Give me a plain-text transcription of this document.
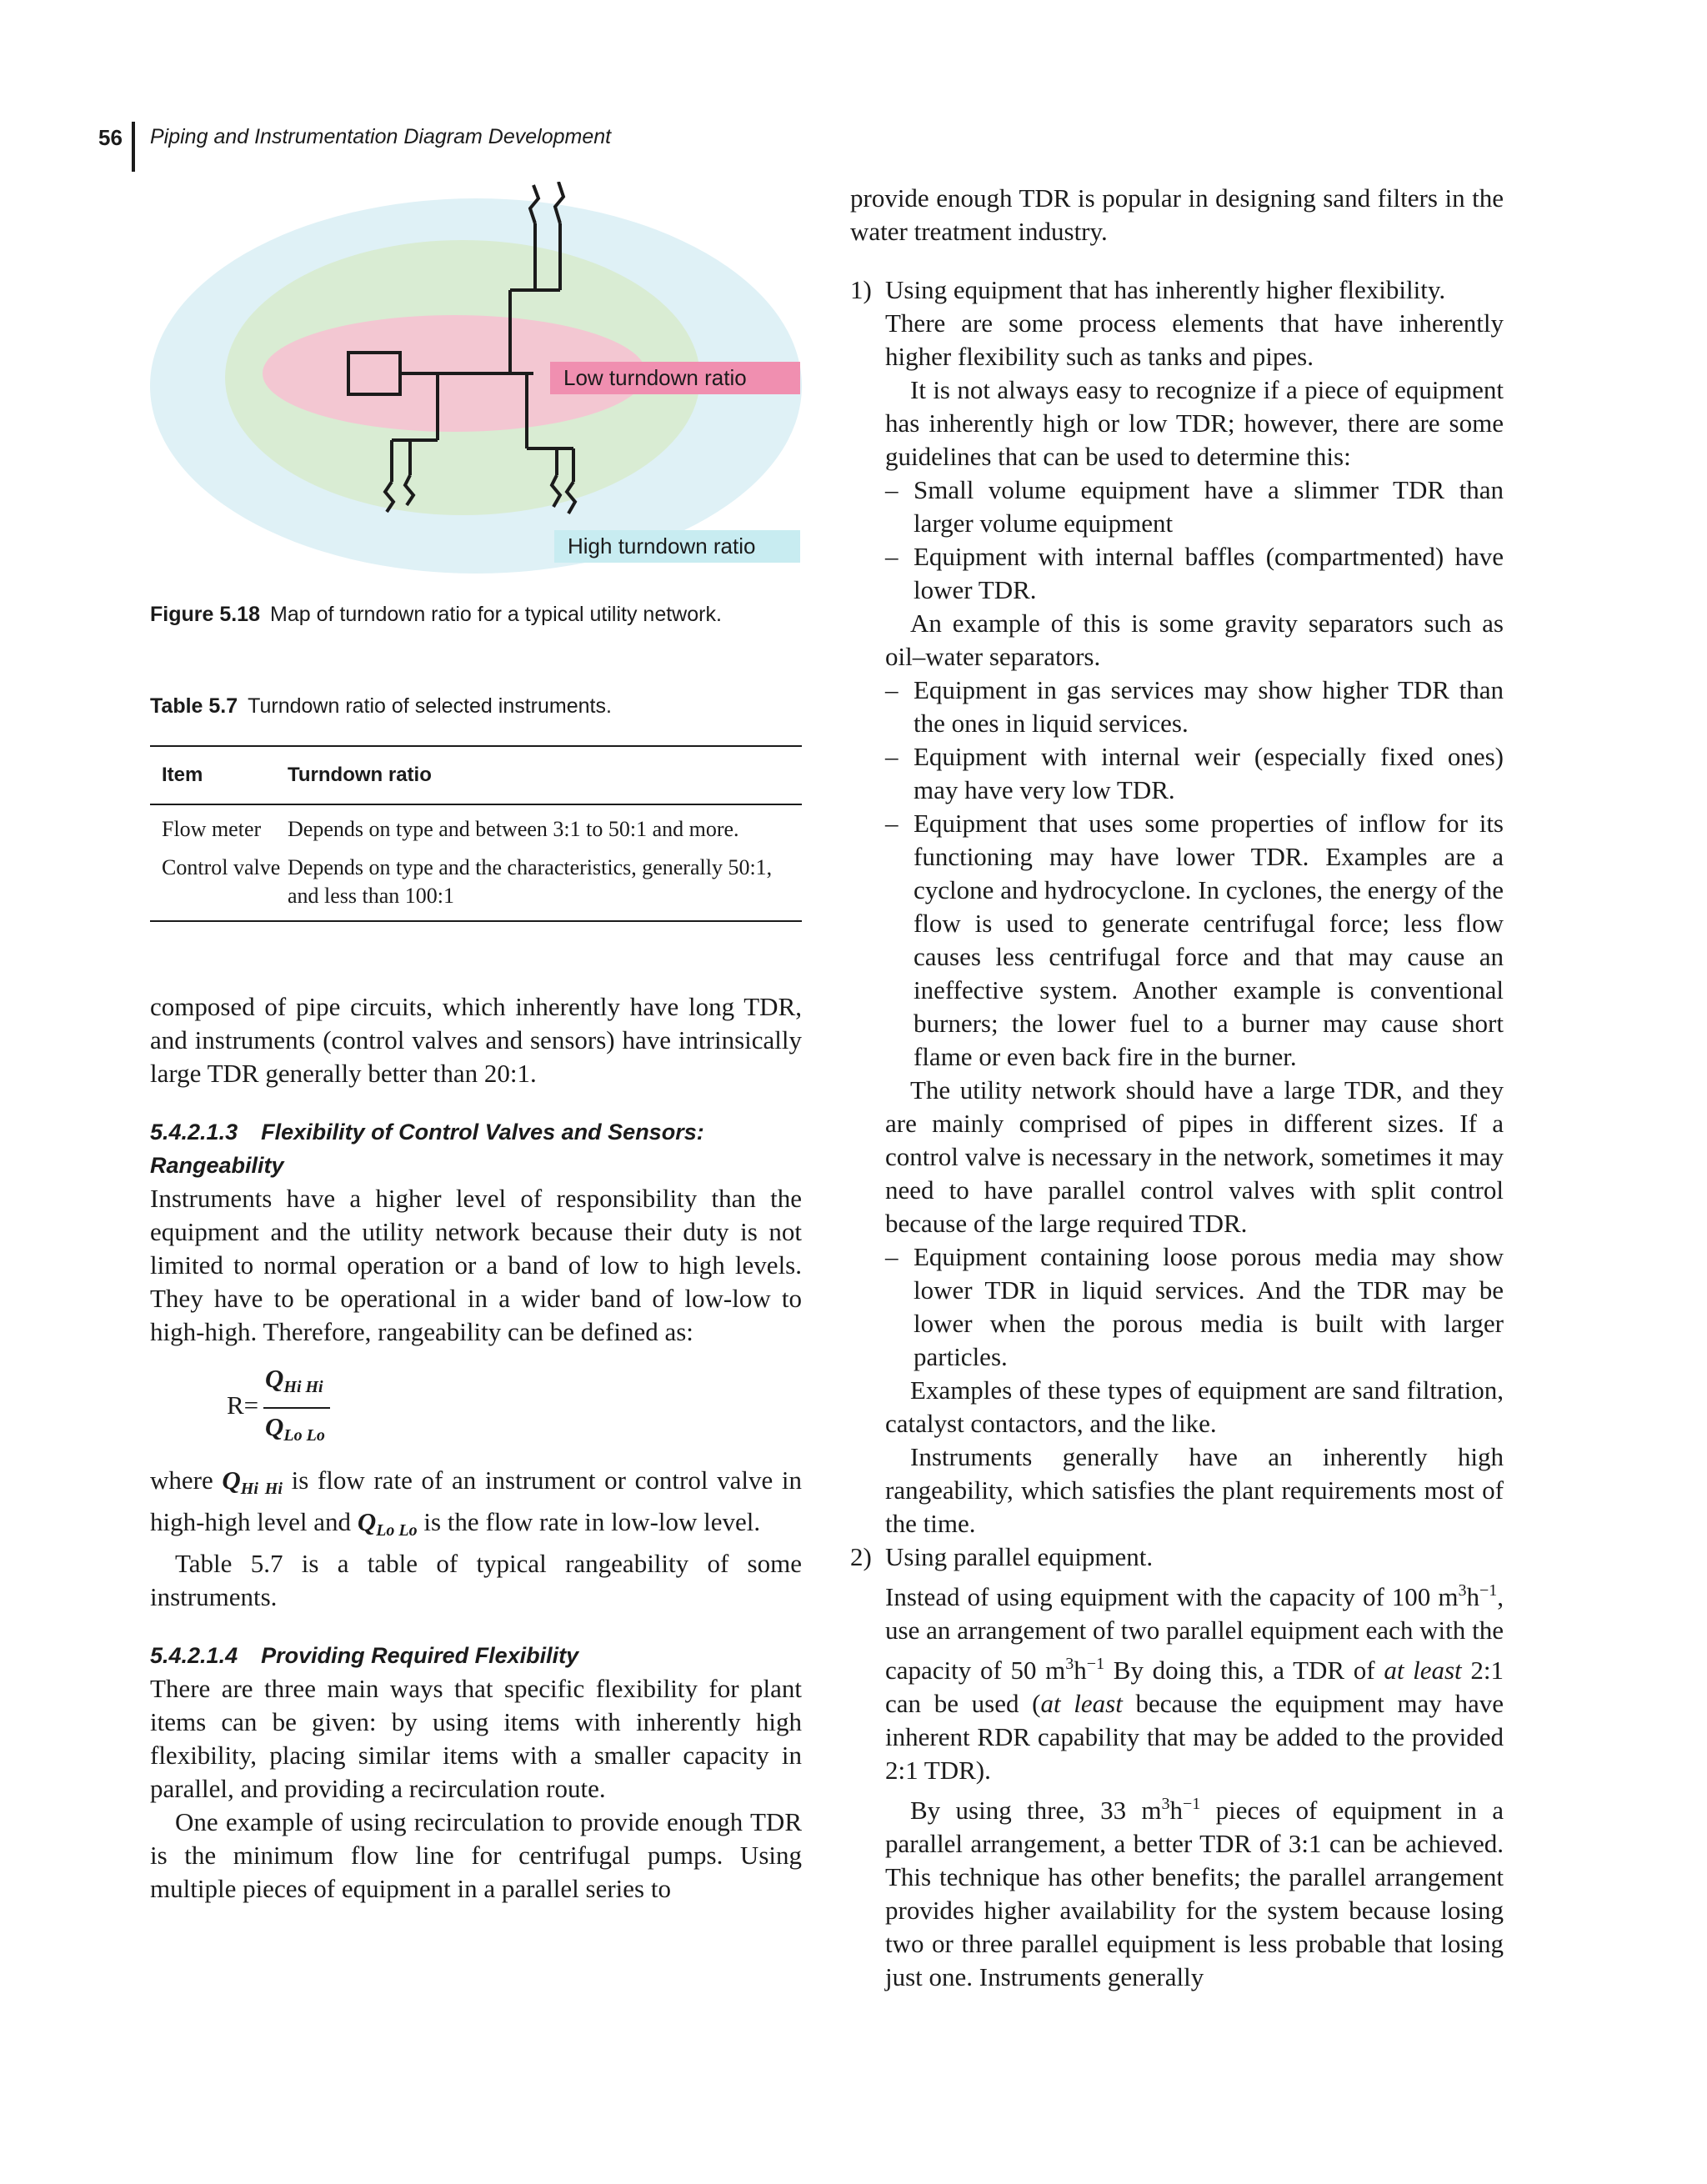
56 Piping and Instrumentation Diagram Development
Low turndown ratio
High turndown ratio
Figure 5.18 Map of turndown ratio for a typical utility network.
Table 5.7 Turndown ratio of selected instruments.
Item	Turndown ratio
Flow meter	Depends on type and between 3:1 to 50:1 and more.
Control valve Depends on type and the characteristics, generally 50:1, and less than 100:1

composed of pipe circuits, which inherently have long TDR, and instruments (control valves and sensors) have intrinsically large TDR generally better than 20:1.

5.4.2.1.3 Flexibility of Control Valves and Sensors: Rangeability

Instruments have a higher level of responsibility than the equipment and the utility network because their duty is not limited to normal operation or a band of low to high levels. They have to be operational in a wider band of low-low to high-high. Therefore, rangeability can be defined as:

R=
$Q_{Hi Hi}$
$Q_{Lo Lo}$

where $Q_{Hi Hi}$ is flow rate of an instrument or control valve in high-high level and $Q_{Lo Lo}$ is the flow rate in low-low level.

Table 5.7 is a table of typical rangeability of some instruments.

5.4.2.1.4 Providing Required Flexibility

There are three main ways that specific flexibility for plant items can be given: by using items with inherently high flexibility, placing similar items with a smaller capacity in parallel, and providing a recirculation route.

One example of using recirculation to provide enough TDR is the minimum flow line for centrifugal pumps. Using multiple pieces of equipment in a parallel series to

provide enough TDR is popular in designing sand filters in the water treatment industry.

1) Using equipment that has inherently higher flexibility.

There are some process elements that have inherently higher flexibility such as tanks and pipes.

It is not always easy to recognize if a piece of equipment has inherently high or low TDR; however, there are some guidelines that can be used to determine this:

– Small volume equipment have a slimmer TDR than larger volume equipment
– Equipment with internal baffles (compartmented) have lower TDR.

An example of this is some gravity separators such as oil–water separators.

– Equipment in gas services may show higher TDR than the ones in liquid services.
– Equipment with internal weir (especially fixed ones) may have very low TDR.
– Equipment that uses some properties of inflow for its functioning may have lower TDR. Examples are a cyclone and hydrocyclone. In cyclones, the energy of the flow is used to generate centrifugal force; less flow causes less centrifugal force and that may cause an ineffective system. Another example is conventional burners; the lower fuel to a burner may cause short flame or even back fire in the burner.

The utility network should have a large TDR, and they are mainly comprised of pipes in different sizes. If a control valve is necessary in the network, sometimes it may need to have parallel control valves with split control because of the large required TDR.

– Equipment containing loose porous media may show lower TDR in liquid services. And the TDR may be lower when the porous media is built with larger particles.

Examples of these types of equipment are sand filtration, catalyst contactors, and the like.

Instruments generally have an inherently high rangeability, which satisfies the plant requirements most of the time.

2) Using parallel equipment.

Instead of using equipment with the capacity of 100 $m^3h^{-1}$, use an arrangement of two parallel equipment each with the capacity of 50 $m^3h^{-1}$ By doing this, a TDR of at least 2:1 can be used (at least because the equipment may have inherent RDR capability that may be added to the provided 2:1 TDR).

By using three, 33 $m^3h^{-1}$ pieces of equipment in a parallel arrangement, a better TDR of 3:1 can be achieved. This technique has other benefits; the parallel arrangement provides higher availability for the system because losing two or three parallel equipment is less probable that losing just one. Instruments generally
